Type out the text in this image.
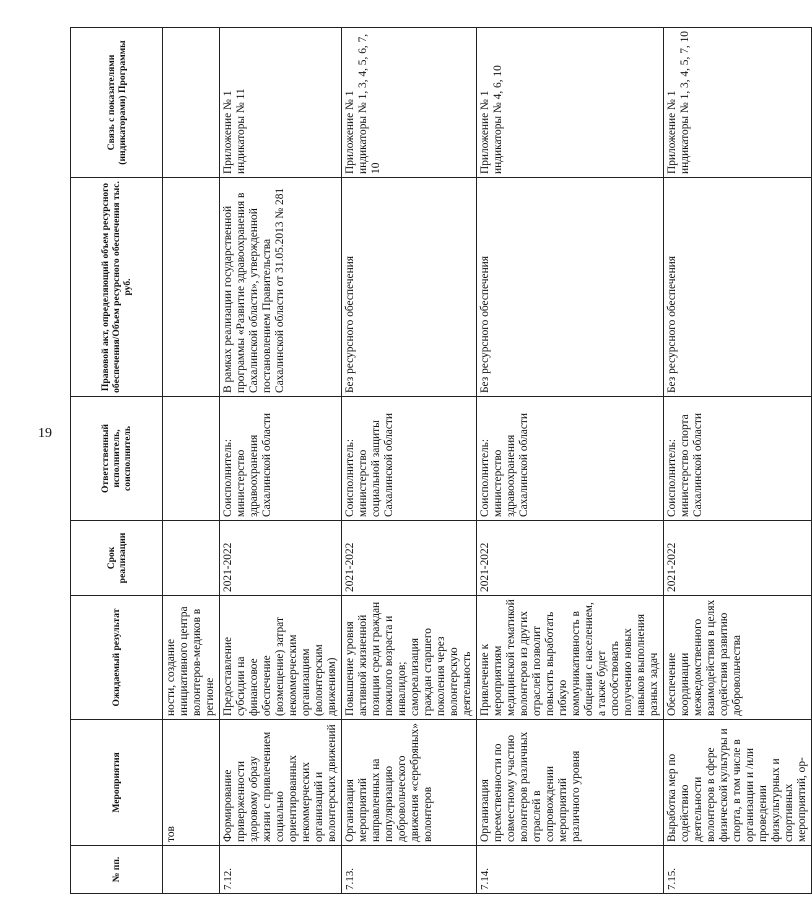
19
№ пп.	Мероприятия	Ожидаемый результат	Срок реализации	Ответственный исполнитель, соисполнитель	Правовой акт, определяющий объем ресурсного обеспечения/Объем ресурсного обеспечения тыс. руб.	Связь с показателями (индикаторами) Программы
	тов	ности, создание инициативного центра волонтеров-медиков в регионе				
7.12.	Формирование приверженности здоровому образу жизни с привлечением социально ориентированных некоммерческих организаций и волонтерских движений	Предоставление субсидии на финансовое обеспечение (возмещение) затрат некоммерческим организациям (волонтерским движениям)	2021-2022	Соисполнитель: министерство здравоохранения Сахалинской области	В рамках реализации государственной программы «Развитие здравоохранения в Сахалинской области», утвержденной постановлением Правительства Сахалинской области от 31.05.2013 № 281	Приложение № 1 индикаторы № 11
7.13.	Организация мероприятий направленных на популяризацию добровольческого движения «серебряных» волонтеров	Повышение уровня активной жизненной позиции среди граждан пожилого возраста и инвалидов; самореализация граждан старшего поколения через волонтерскую деятельность	2021-2022	Соисполнитель: министерство социальной защиты Сахалинской области	Без ресурсного обеспечения	Приложение № 1 индикаторы № 1, 3, 4, 5, 6, 7, 10
7.14.	Организация преемственности по совместному участию волонтеров различных отраслей в сопровождении мероприятий различного уровня	Привлечение к мероприятиям медицинской тематикой волонтеров из других отраслей позволит повысить выработать гибкую коммуникативность в общении с населением, а также будет способствовать получению новых навыков выполнения разных задач	2021-2022	Соисполнитель: министерство здравоохранения Сахалинской области	Без ресурсного обеспечения	Приложение № 1 индикаторы № 4, 6, 10
7.15.	Выработка мер по содействию деятельности волонтеров в сфере физической культуры и спорта, в том числе в организации и /или проведении физкультурных и спортивных мероприятий, ор-	Обеспечение координации межведомственного взаимодействия в целях содействия развитию добровольчества	2021-2022	Соисполнитель: министерство спорта Сахалинской области	Без ресурсного обеспечения	Приложение № 1 индикаторы № 1, 3, 4, 5, 7, 10
